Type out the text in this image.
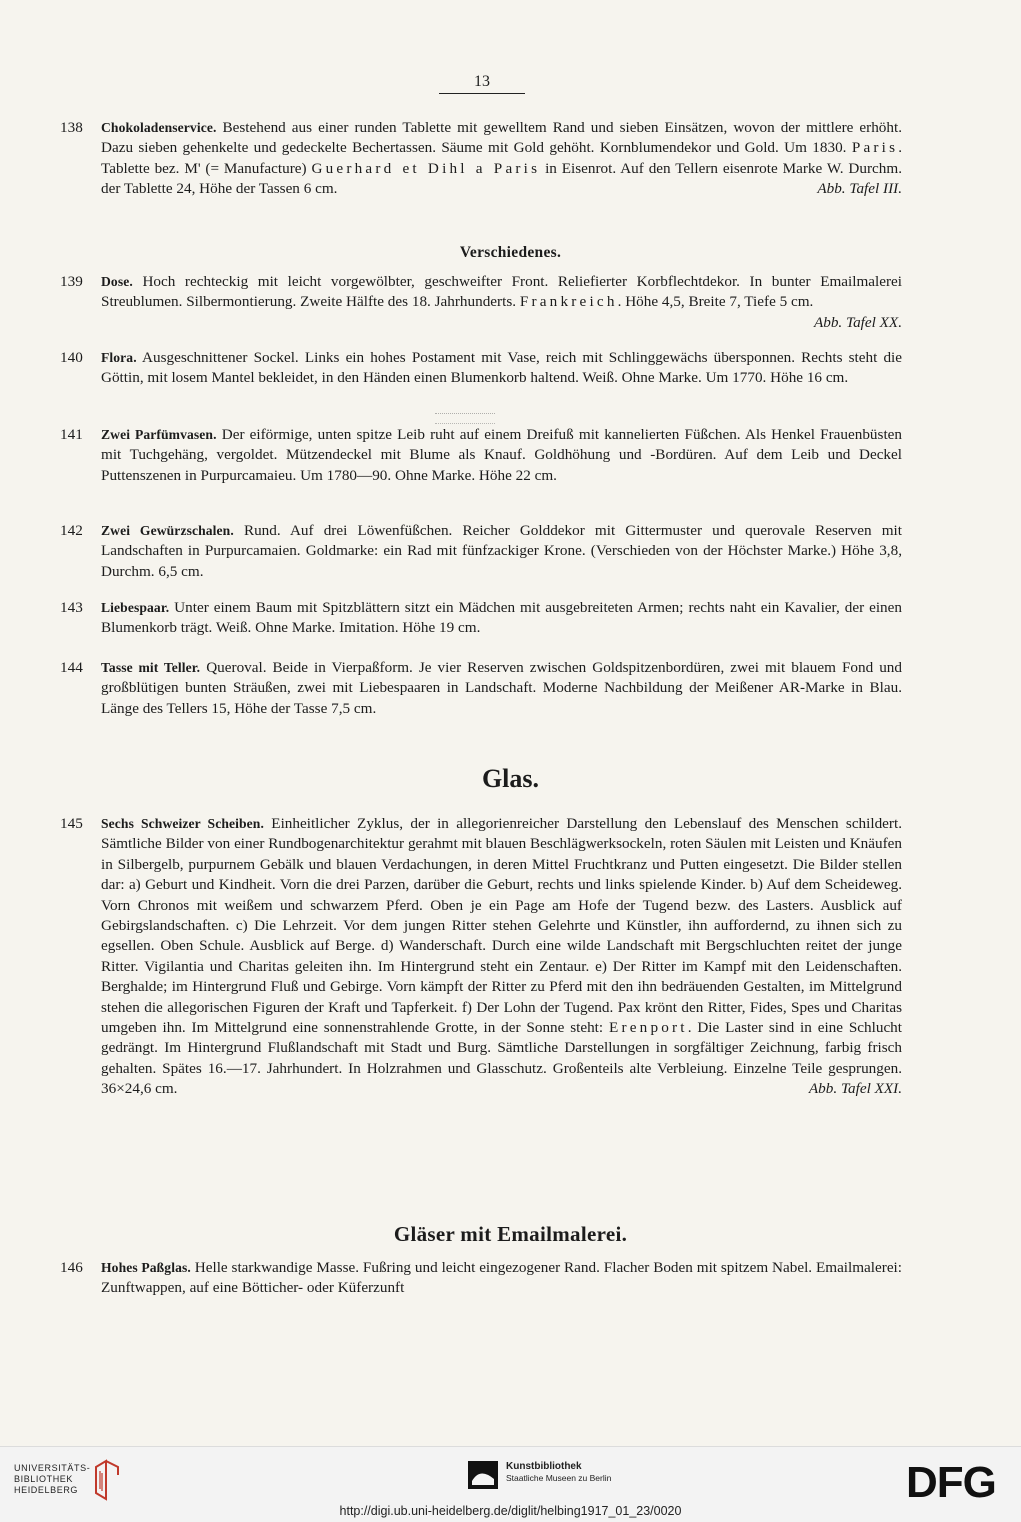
13
138	Chokoladenservice. Bestehend aus einer runden Tablette mit gewelltem Rand und sieben Einsätzen, wovon der mittlere erhöht. Dazu sieben gehenkelte und gedeckelte Bechertassen. Säume mit Gold gehöht. Kornblumendekor und Gold. Um 1830. Paris. Tablette bez. M' (= Manufacture) Guerhard et Dihl a Paris in Eisenrot. Auf den Tellern eisenrote Marke W. Durchm. der Tablette 24, Höhe der Tassen 6 cm.	Abb. Tafel III.
Verschiedenes.
139	Dose. Hoch rechteckig mit leicht vorgewölbter, geschweifter Front. Reliefierter Korbflechtdekor. In bunter Emailmalerei Streublumen. Silbermontierung. Zweite Hälfte des 18. Jahrhunderts. Frankreich. Höhe 4,5, Breite 7, Tiefe 5 cm.
Abb. Tafel XX.
140	Flora. Ausgeschnittener Sockel. Links ein hohes Postament mit Vase, reich mit Schlinggewächs übersponnen. Rechts steht die Göttin, mit losem Mantel bekleidet, in den Händen einen Blumenkorb haltend. Weiß. Ohne Marke. Um 1770. Höhe 16 cm.
141	Zwei Parfümvasen. Der eiförmige, unten spitze Leib ruht auf einem Dreifuß mit kannelierten Füßchen. Als Henkel Frauenbüsten mit Tuchgehäng, vergoldet. Mützendeckel mit Blume als Knauf. Goldhöhung und -Bordüren. Auf dem Leib und Deckel Puttenszenen in Purpurcamaieu. Um 1780—90. Ohne Marke. Höhe 22 cm.
142	Zwei Gewürzschalen. Rund. Auf drei Löwenfüßchen. Reicher Golddekor mit Gittermuster und querovale Reserven mit Landschaften in Purpurcamaien. Goldmarke: ein Rad mit fünfzackiger Krone. (Verschieden von der Höchster Marke.) Höhe 3,8, Durchm. 6,5 cm.
143	Liebespaar. Unter einem Baum mit Spitzblättern sitzt ein Mädchen mit ausgebreiteten Armen; rechts naht ein Kavalier, der einen Blumenkorb trägt. Weiß. Ohne Marke. Imitation. Höhe 19 cm.
144	Tasse mit Teller. Queroval. Beide in Vierpaßform. Je vier Reserven zwischen Goldspitzenbordüren, zwei mit blauem Fond und großblütigen bunten Sträußen, zwei mit Liebespaaren in Landschaft. Moderne Nachbildung der Meißener AR-Marke in Blau. Länge des Tellers 15, Höhe der Tasse 7,5 cm.
Glas.
145	Sechs Schweizer Scheiben. Einheitlicher Zyklus, der in allegorienreicher Darstellung den Lebenslauf des Menschen schildert. Sämtliche Bilder von einer Rundbogenarchitektur gerahmt mit blauen Beschlägwerksockeln, roten Säulen mit Leisten und Knäufen in Silbergelb, purpurnem Gebälk und blauen Verdachungen, in deren Mittel Fruchtkranz und Putten eingesetzt. Die Bilder stellen dar: a) Geburt und Kindheit. Vorn die drei Parzen, darüber die Geburt, rechts und links spielende Kinder. b) Auf dem Scheideweg. Vorn Chronos mit weißem und schwarzem Pferd. Oben je ein Page am Hofe der Tugend bezw. des Lasters. Ausblick auf Gebirgslandschaften. c) Die Lehrzeit. Vor dem jungen Ritter stehen Gelehrte und Künstler, ihn auffordernd, zu ihnen sich zu egsellen. Oben Schule. Ausblick auf Berge. d) Wanderschaft. Durch eine wilde Landschaft mit Bergschluchten reitet der junge Ritter. Vigilantia und Charitas geleiten ihn. Im Hintergrund steht ein Zentaur. e) Der Ritter im Kampf mit den Leidenschaften. Berghalde; im Hintergrund Fluß und Gebirge. Vorn kämpft der Ritter zu Pferd mit den ihn bedräuenden Gestalten, im Mittelgrund stehen die allegorischen Figuren der Kraft und Tapferkeit. f) Der Lohn der Tugend. Pax krönt den Ritter, Fides, Spes und Charitas umgeben ihn. Im Mittelgrund eine sonnenstrahlende Grotte, in der Sonne steht: Erenport. Die Laster sind in eine Schlucht gedrängt. Im Hintergrund Flußlandschaft mit Stadt und Burg. Sämtliche Darstellungen in sorgfältiger Zeichnung, farbig frisch gehalten. Spätes 16.—17. Jahrhundert. In Holzrahmen und Glasschutz. Großenteils alte Verbleiung. Einzelne Teile gesprungen. 36×24,6 cm.	Abb. Tafel XXI.
Gläser mit Emailmalerei.
146	Hohes Paßglas. Helle starkwandige Masse. Fußring und leicht eingezogener Rand. Flacher Boden mit spitzem Nabel. Emailmalerei: Zunftwappen, auf eine Bötticher- oder Küferzunft
UNIVERSITÄTS-
BIBLIOTHEK
HEIDELBERG
Kunstbibliothek
Staatliche Museen zu Berlin	DFG
http://digi.ub.uni-heidelberg.de/diglit/helbing1917_01_23/0020
